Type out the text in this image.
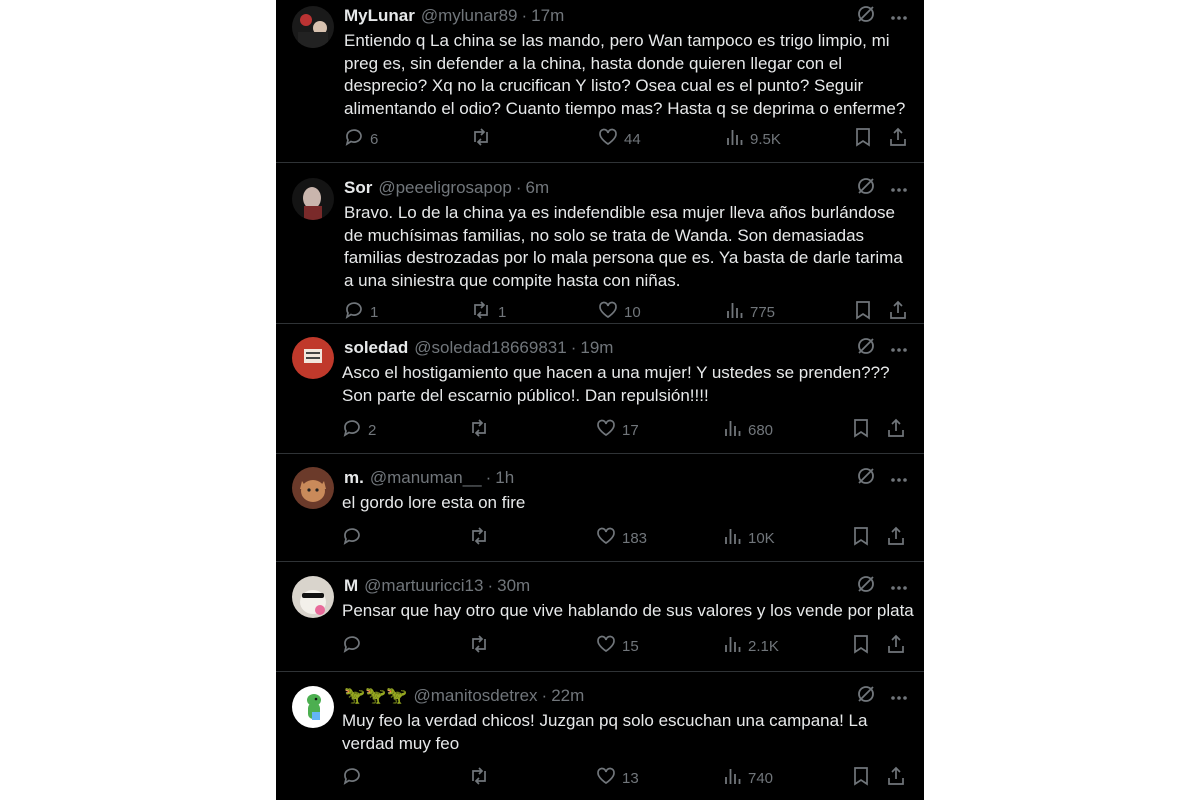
MyLunar @mylunar89 · 17m
Entiendo q La china se las mando, pero Wan tampoco es trigo limpio, mi preg es, sin defender a la china, hasta donde quieren llegar con el desprecio? Xq no la crucifican Y listo? Osea cual es el punto? Seguir alimentando el odio? Cuanto tiempo mas? Hasta q se deprima o enferme?
6	44	9.5K
Sor @peeeligrosapop · 6m
Bravo. Lo de la china ya es indefendible esa mujer lleva años burlándose de muchísimas familias, no solo se trata de Wanda. Son demasiadas familias destrozadas por lo mala persona que es. Ya basta de darle tarima a una siniestra que compite hasta con niñas.
1	1	10	775
soledad @soledad18669831 · 19m
Asco el hostigamiento que hacen a una mujer! Y ustedes se prenden??? Son parte del escarnio público!. Dan repulsión!!!!
2	17	680
m. @manuman__ · 1h
el gordo lore esta on fire
183	10K
M @martuuricci13 · 30m
Pensar que hay otro que vive hablando de sus valores y los vende por plata
15	2.1K
🦖🦖🦖 @manitosdetrex · 22m
Muy feo la verdad chicos! Juzgan pq solo escuchan una campana! La verdad muy feo
13	740
